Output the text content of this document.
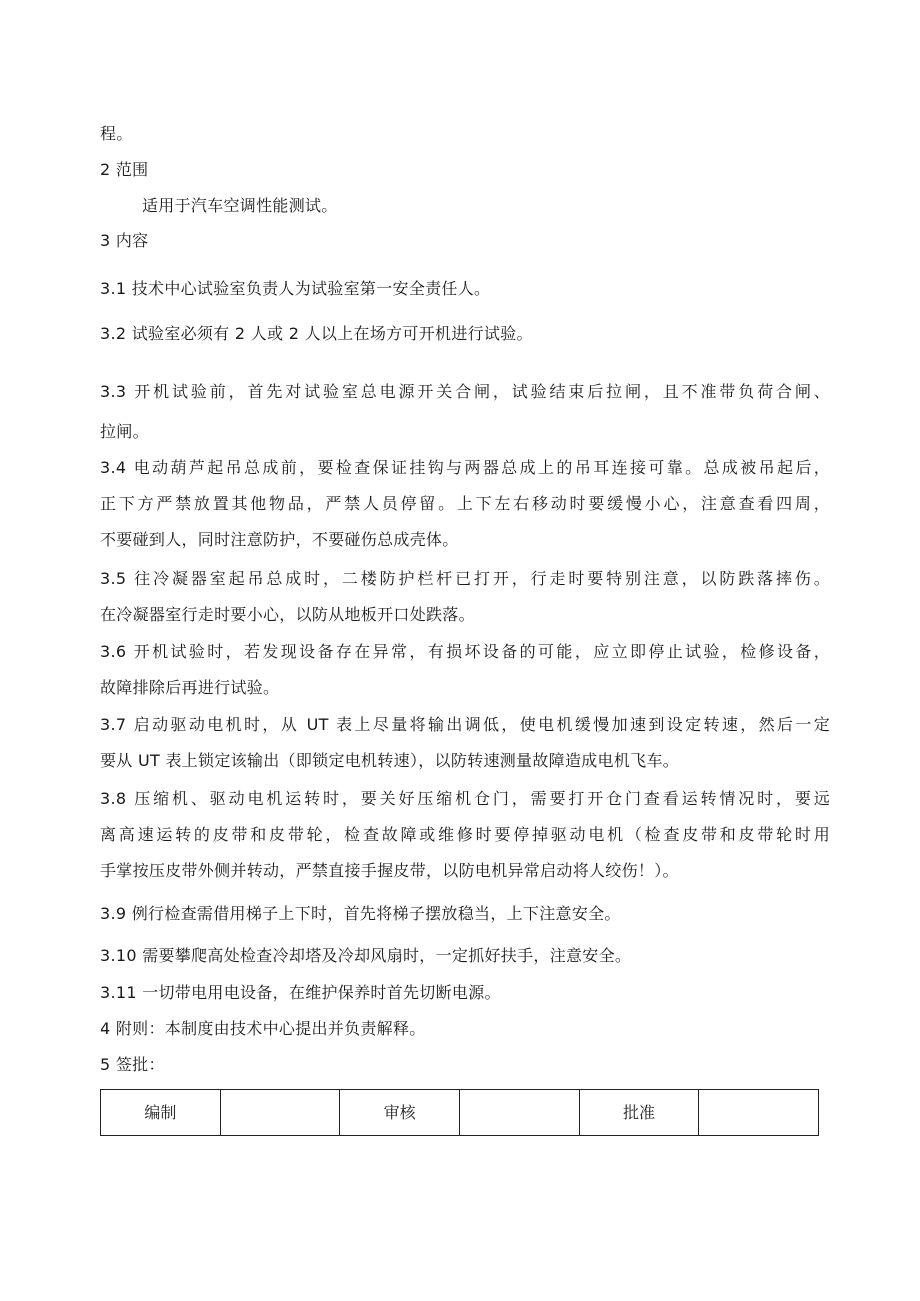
程。
2 范围
适用于汽车空调性能测试。
3 内容
3.1 技术中心试验室负责人为试验室第一安全责任人。
3.2 试验室必须有 2 人或 2 人以上在场方可开机进行试验。
3.3 开机试验前，首先对试验室总电源开关合闸，试验结束后拉闸，且不准带负荷合闸、
拉闸。
3.4 电动葫芦起吊总成前，要检查保证挂钩与两器总成上的吊耳连接可靠。总成被吊起后，
正下方严禁放置其他物品，严禁人员停留。上下左右移动时要缓慢小心，注意查看四周，
不要碰到人，同时注意防护，不要碰伤总成壳体。
3.5 往冷凝器室起吊总成时，二楼防护栏杆已打开，行走时要特别注意，以防跌落摔伤。
在冷凝器室行走时要小心，以防从地板开口处跌落。
3.6 开机试验时，若发现设备存在异常，有损坏设备的可能，应立即停止试验，检修设备，
故障排除后再进行试验。
3.7 启动驱动电机时，从 UT 表上尽量将输出调低，使电机缓慢加速到设定转速，然后一定
要从 UT 表上锁定该输出（即锁定电机转速），以防转速测量故障造成电机飞车。
3.8 压缩机、驱动电机运转时，要关好压缩机仓门，需要打开仓门查看运转情况时，要远
离高速运转的皮带和皮带轮，检查故障或维修时要停掉驱动电机（检查皮带和皮带轮时用
手掌按压皮带外侧并转动，严禁直接手握皮带，以防电机异常启动将人绞伤！）。
3.9 例行检查需借用梯子上下时，首先将梯子摆放稳当，上下注意安全。
3.10 需要攀爬高处检查冷却塔及冷却风扇时，一定抓好扶手，注意安全。
3.11 一切带电用电设备，在维护保养时首先切断电源。
4 附则：本制度由技术中心提出并负责解释。
5 签批：
编制		审核		批准	
